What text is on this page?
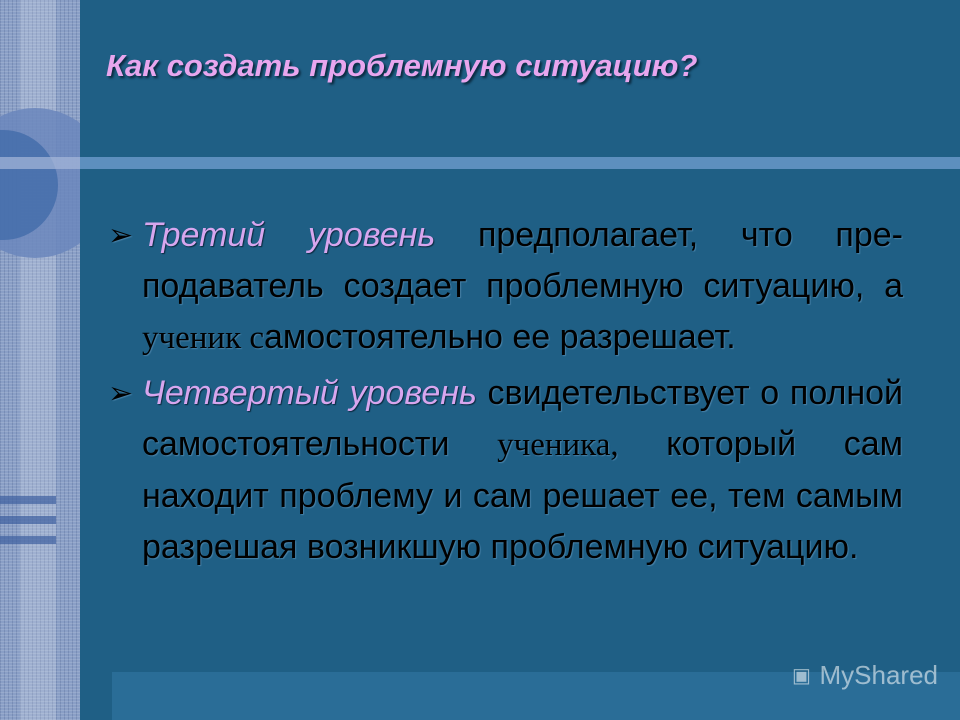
Как создать проблемную ситуацию?

➢ Третий уровень предполагает, что пре-подаватель создает проблемную ситуацию, а ученик самостоятельно ее разрешает.

➢ Четвертый уровень свидетельствует о полной самостоятельности ученика, который сам находит проблему и сам решает ее, тем самым разрешая возникшую проблемную ситуацию.

▣ MyShared
